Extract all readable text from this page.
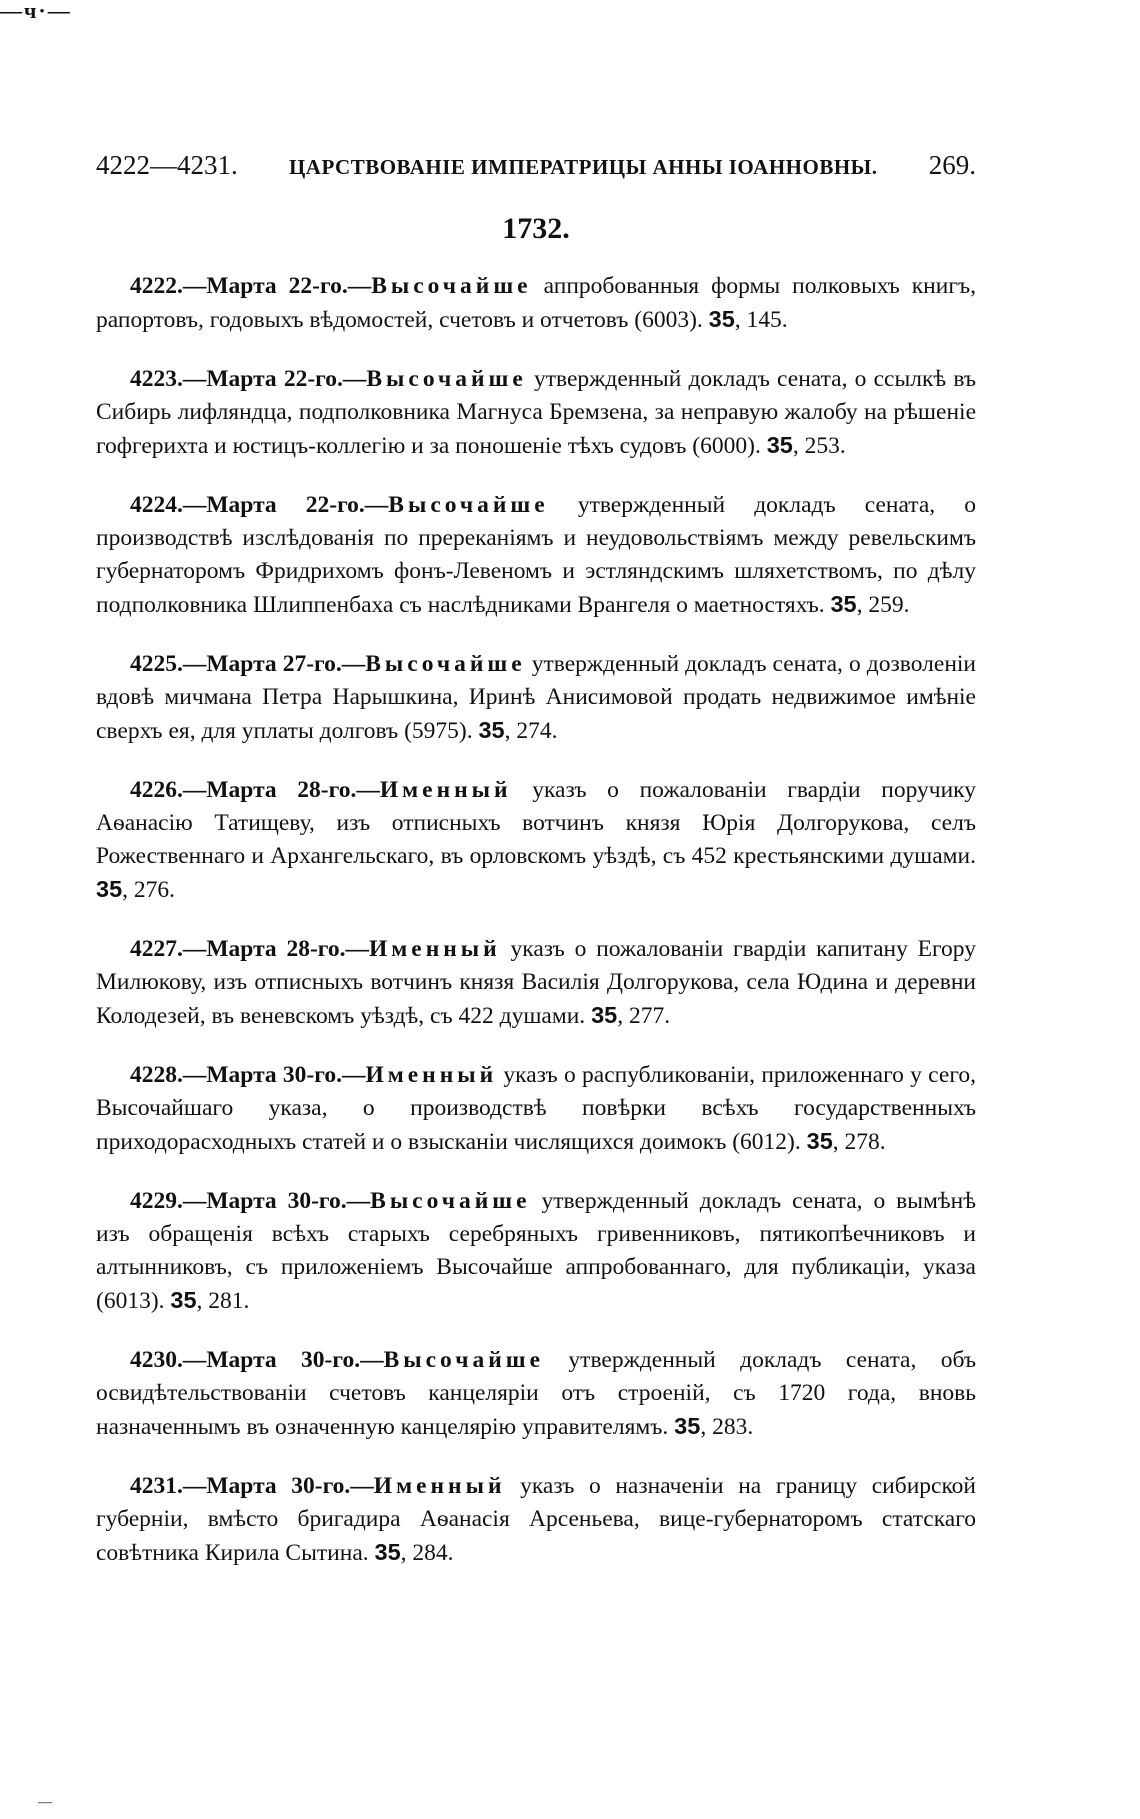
—ч·—
4222—4231. ЦАРСТВОВАНІЕ ИМПЕРАТРИЦЫ АННЫ ІОАННОВНЫ. 269.
1732.

4222.—Марта 22-го.—Высочайше аппробованныя формы полковыхъ книгъ, рапортовъ, годовыхъ вѣдомостей, счетовъ и отчетовъ (6003). 35, 145.

4223.—Марта 22-го.—Высочайше утвержденный докладъ сената, о ссылкѣ въ Сибирь лифляндца, подполковника Магнуса Бремзена, за неправую жалобу на рѣшеніе гофгерихта и юстицъ-коллегію и за поношеніе тѣхъ судовъ (6000). 35, 253.

4224.—Марта 22-го.—Высочайше утвержденный докладъ сената, о производствѣ изслѣдованія по пререканіямъ и неудовольствіямъ между ревельскимъ губернаторомъ Фридрихомъ фонъ-Левеномъ и эстляндскимъ шляхетствомъ, по дѣлу подполковника Шлиппенбаха съ наслѣдниками Врангеля о маетностяхъ. 35, 259.

4225.—Марта 27-го.—Высочайше утвержденный докладъ сената, о дозволеніи вдовѣ мичмана Петра Нарышкина, Иринѣ Анисимовой продать недвижимое имѣніе сверхъ ея, для уплаты долговъ (5975). 35, 274.

4226.—Марта 28-го.—Именный указъ о пожалованіи гвардіи поручику Аѳанасію Татищеву, изъ отписныхъ вотчинъ князя Юрія Долгорукова, селъ Рожественнаго и Архангельскаго, въ орловскомъ уѣздѣ, съ 452 крестьянскими душами. 35, 276.

4227.—Марта 28-го.—Именный указъ о пожалованіи гвардіи капитану Егору Милюкову, изъ отписныхъ вотчинъ князя Василія Долгорукова, села Юдина и деревни Колодезей, въ веневскомъ уѣздѣ, съ 422 душами. 35, 277.

4228.—Марта 30-го.—Именный указъ о распубликованіи, приложеннаго у сего, Высочайшаго указа, о производствѣ повѣрки всѣхъ государственныхъ приходорасходныхъ статей и о взысканіи числящихся доимокъ (6012). 35, 278.

4229.—Марта 30-го.—Высочайше утвержденный докладъ сената, о вымѣнѣ изъ обращенія всѣхъ старыхъ серебряныхъ гривенниковъ, пятикопѣечниковъ и алтынниковъ, съ приложеніемъ Высочайше аппробованнаго, для публикаціи, указа (6013). 35, 281.

4230.—Марта 30-го.—Высочайше утвержденный докладъ сената, объ освидѣтельствованіи счетовъ канцеляріи отъ строеній, съ 1720 года, вновь назначеннымъ въ означенную канцелярію управителямъ. 35, 283.

4231.—Марта 30-го.—Именный указъ о назначеніи на границу сибирской губерніи, вмѣсто бригадира Аѳанасія Арсеньева, вице-губернаторомъ статскаго совѣтника Кирила Сытина. 35, 284.

—
